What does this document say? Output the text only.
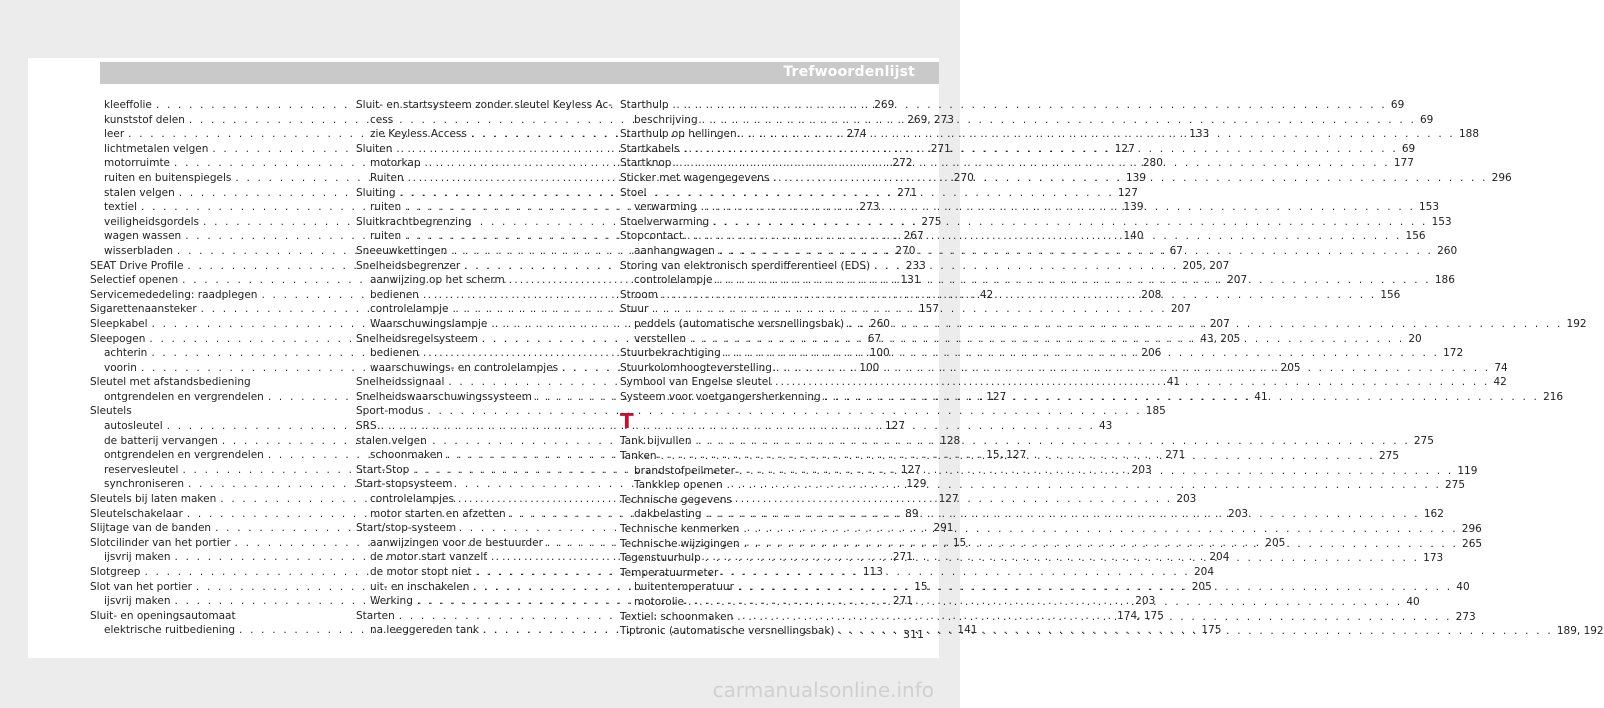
Trefwoordenlijst
kleeffolie . . .	269
kunststof delen . . .	269, 273
leer . . .	274
lichtmetalen velgen . . .	271
motorruimte . . .	272
ruiten en buitenspiegels . . .	270
stalen velgen . . .	271
textiel . . .	273
veiligheidsgordels . . .	275
wagen wassen . . .	267
wisserbladen . . .	270
SEAT Drive Profile . . .	233
Selectief openen . . .	131
Servicemededeling: raadplegen . . .	42
Sigarettenaansteker . . .	157
Sleepkabel . . .	260
Sleepogen . . .	67
achterin . . .	100
voorin . . .	100
Sleutel met afstandsbediening
ontgrendelen en vergrendelen . . .	127
Sleutels
autosleutel . . .	127
de batterij vervangen . . .	128
ontgrendelen en vergrendelen . . .	15, 127
reservesleutel . . .	127
synchroniseren . . .	129
Sleutels bij laten maken . . .	127
Sleutelschakelaar . . .	89
Slijtage van de banden . . .	291
Slotcilinder van het portier . . .	15
ijsvrij maken . . .	271
Slotgreep . . .	113
Slot van het portier . . .	15
ijsvrij maken . . .	271
Sluit- en openingsautomaat
elektrische ruitbediening . . .	141
Sluit- en startsysteem zonder sleutel Keyless Ac-
cess
zie Keyless Access . . .	133
Sluiten . . .	127
motorkap . . .	280
Ruiten . . .	139
Sluiting . . .	127
ruiten . . .	139
Sluitkrachtbegrenzing
ruiten . . .	140
Sneeuwkettingen . . .	67
Snelheidsbegrenzer . . .	205, 207
aanwijzing op het scherm . . .	207
bedienen . . .	208
controlelampje . . .	207
Waarschuwingslampje . . .	207
Snelheidsregelsysteem . . .	43, 205
bedienen . . .	206
waarschuwings- en controlelampjes . . .	205
Snelheidssignaal . . .	41
Snelheidswaarschuwingssysteem . . .	41
Sport-modus . . .	185
SRS . . .	43
stalen velgen
schoonmaken . . .	271
Start-Stop . . .	203
Start-stopsysteem
controlelampjes . . .	203
motor starten en afzetten . . .	203
Start/stop-systeem
aanwijzingen voor de bestuurder . . .	205
de motor start vanzelf . . .	204
de motor stopt niet . . .	204
uit- en inschakelen . . .	205
Werking . . .	203
Starten . . .	174, 175
na leeggereden tank . . .	175
Starthulp . . .	69
beschrijving . . .	69
Starthulp op hellingen . . .	188
Startkabels . . .	69
Startknop . . .	177
Sticker met wagengegevens . . .	296
Stoel
verwarming . . .	153
Stoelverwarming . . .	153
Stopcontact . . .	156
aanhangwagen . . .	260
Storing van elektronisch sperdifferentieel (EDS)
controlelampje . . .	186
Stroom . . .	156
Stuur
peddels (automatische versnellingsbak) . . .	192
verstellen . . .	20
Stuurbekrachtiging . . .	172
Stuurkolomhoogteverstelling . . .	74
Symbool van Engelse sleutel . . .	42
Systeem voor voetgangersherkenning . . .	216
T
Tank bijvullen . . .	275
Tanken . . .	275
brandstofpeilmeter . . .	119
Tankklep openen . . .	275
Technische gegevens
dakbelasting . . .	162
Technische kenmerken . . .	296
Technische wijzigingen . . .	265
Tegenstuurhulp . . .	173
Temperatuurmeter
buitentemperatuur . . .	40
motorolie . . .	40
Textiel: schoonmaken . . .	273
Tiptronic (automatische versnellingsbak) . . .	189, 192
311
carmanualsonline.info
